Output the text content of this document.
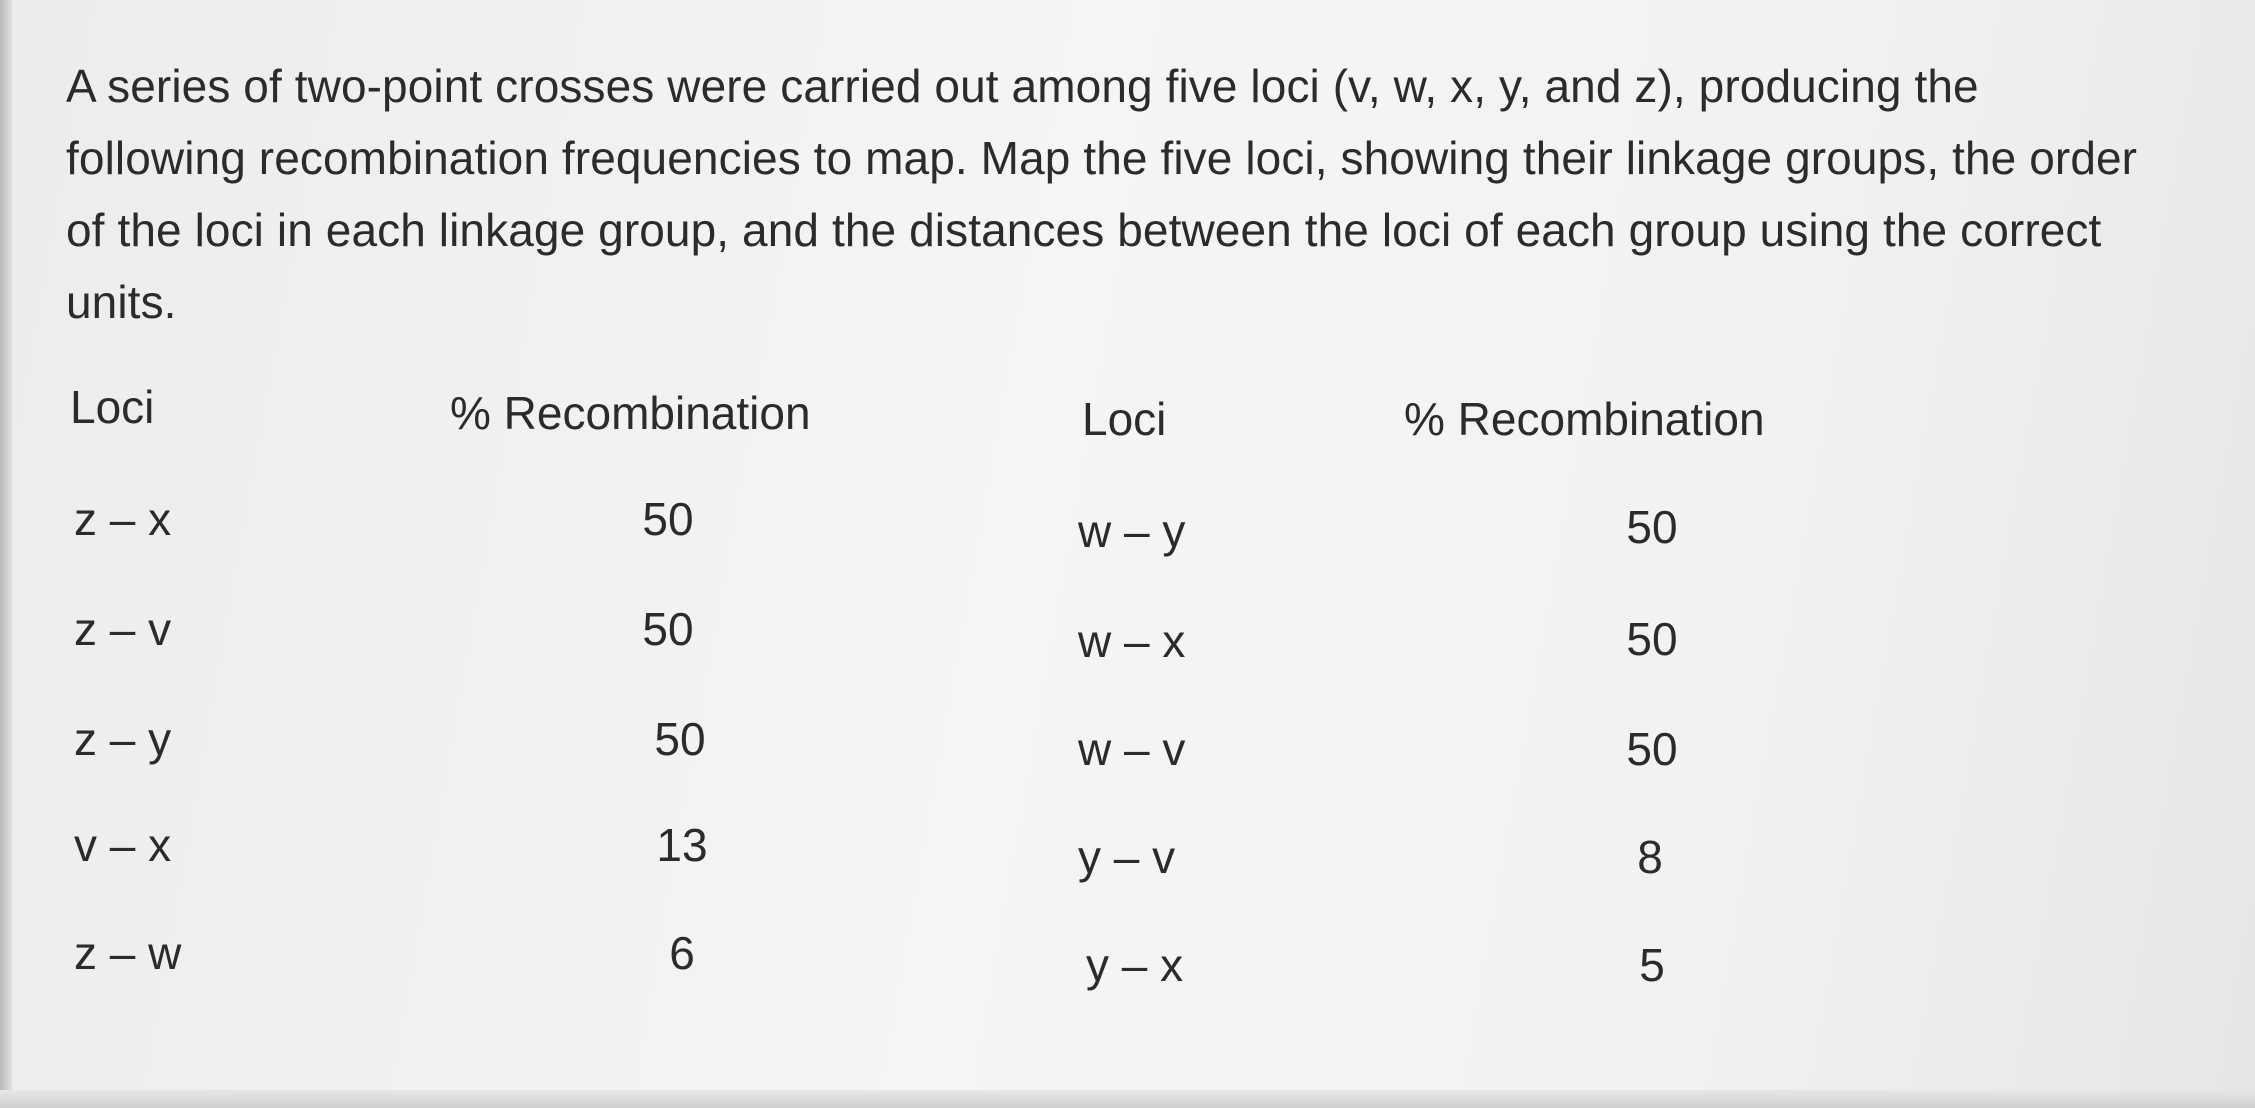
A series of two-point crosses were carried out among five loci (v, w, x, y, and z), producing the
following recombination frequencies to map. Map the five loci, showing their linkage groups, the order
of the loci in each linkage group, and the distances between the loci of each group using the correct
units.
Loci	% Recombination	Loci	% Recombination
z – x	50
z – v	50
z – y	50
v – x	13
z – w	6
w – y	50
w – x	50
w – v	50
y – v	8
y – x	5
